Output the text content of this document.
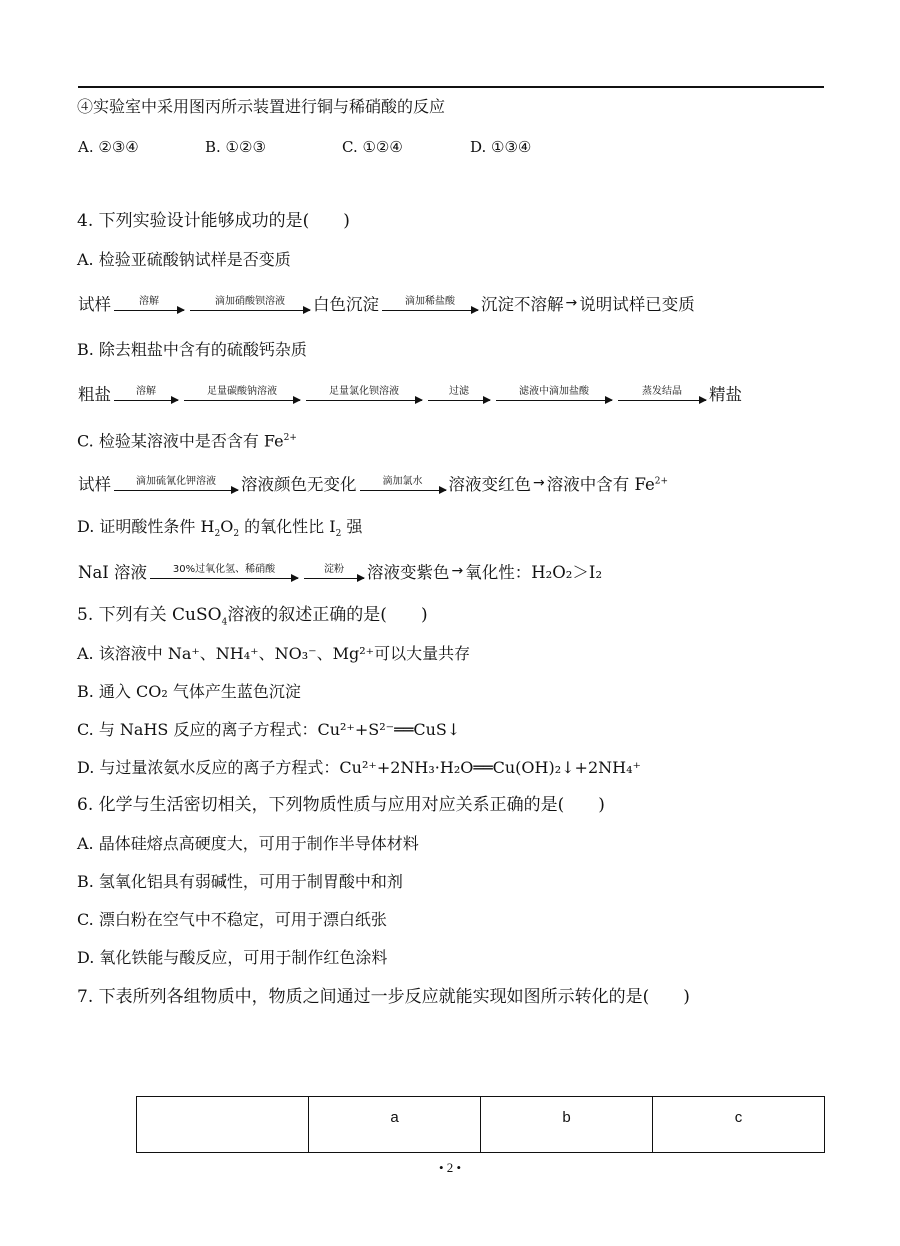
④实验室中采用图丙所示装置进行铜与稀硝酸的反应
A. ②③④	B. ①②③	C. ①②④	D. ①③④
4. 下列实验设计能够成功的是(　　)
A. 检验亚硫酸钠试样是否变质
试样	溶解	滴加硝酸钡溶液	白色沉淀	滴加稀盐酸	沉淀不溶解 → 说明试样已变质
B. 除去粗盐中含有的硫酸钙杂质
粗盐	溶解	足量碳酸钠溶液	足量氯化钡溶液	过滤	滤液中滴加盐酸	蒸发结晶	精盐
C. 检验某溶液中是否含有 $Fe^{2+}$
试样	滴加硫氰化钾溶液	溶液颜色无变化	滴加氯水	溶液变红色 → 溶液中含有 $Fe^{2+}$
D. 证明酸性条件 $H_2O_2$ 的氧化性比 $I_2$ 强
NaI 溶液	30%过氧化氢、稀硝酸	淀粉	溶液变紫色 → 氧化性：H₂O₂＞I₂
5. 下列有关 CuSO$_4$溶液的叙述正确的是(　　)
A. 该溶液中 Na⁺、NH₄⁺、NO₃⁻、Mg²⁺可以大量共存
B. 通入 CO₂ 气体产生蓝色沉淀
C. 与 NaHS 反应的离子方程式：Cu²⁺+S²⁻══CuS↓
D. 与过量浓氨水反应的离子方程式：Cu²⁺+2NH₃·H₂O══Cu(OH)₂↓+2NH₄⁺
6. 化学与生活密切相关，下列物质性质与应用对应关系正确的是(　　)
A. 晶体硅熔点高硬度大，可用于制作半导体材料
B. 氢氧化铝具有弱碱性，可用于制胃酸中和剂
C. 漂白粉在空气中不稳定，可用于漂白纸张
D. 氧化铁能与酸反应，可用于制作红色涂料
7. 下表所列各组物质中，物质之间通过一步反应就能实现如图所示转化的是(　　)
	a	b	c
• 2 •
